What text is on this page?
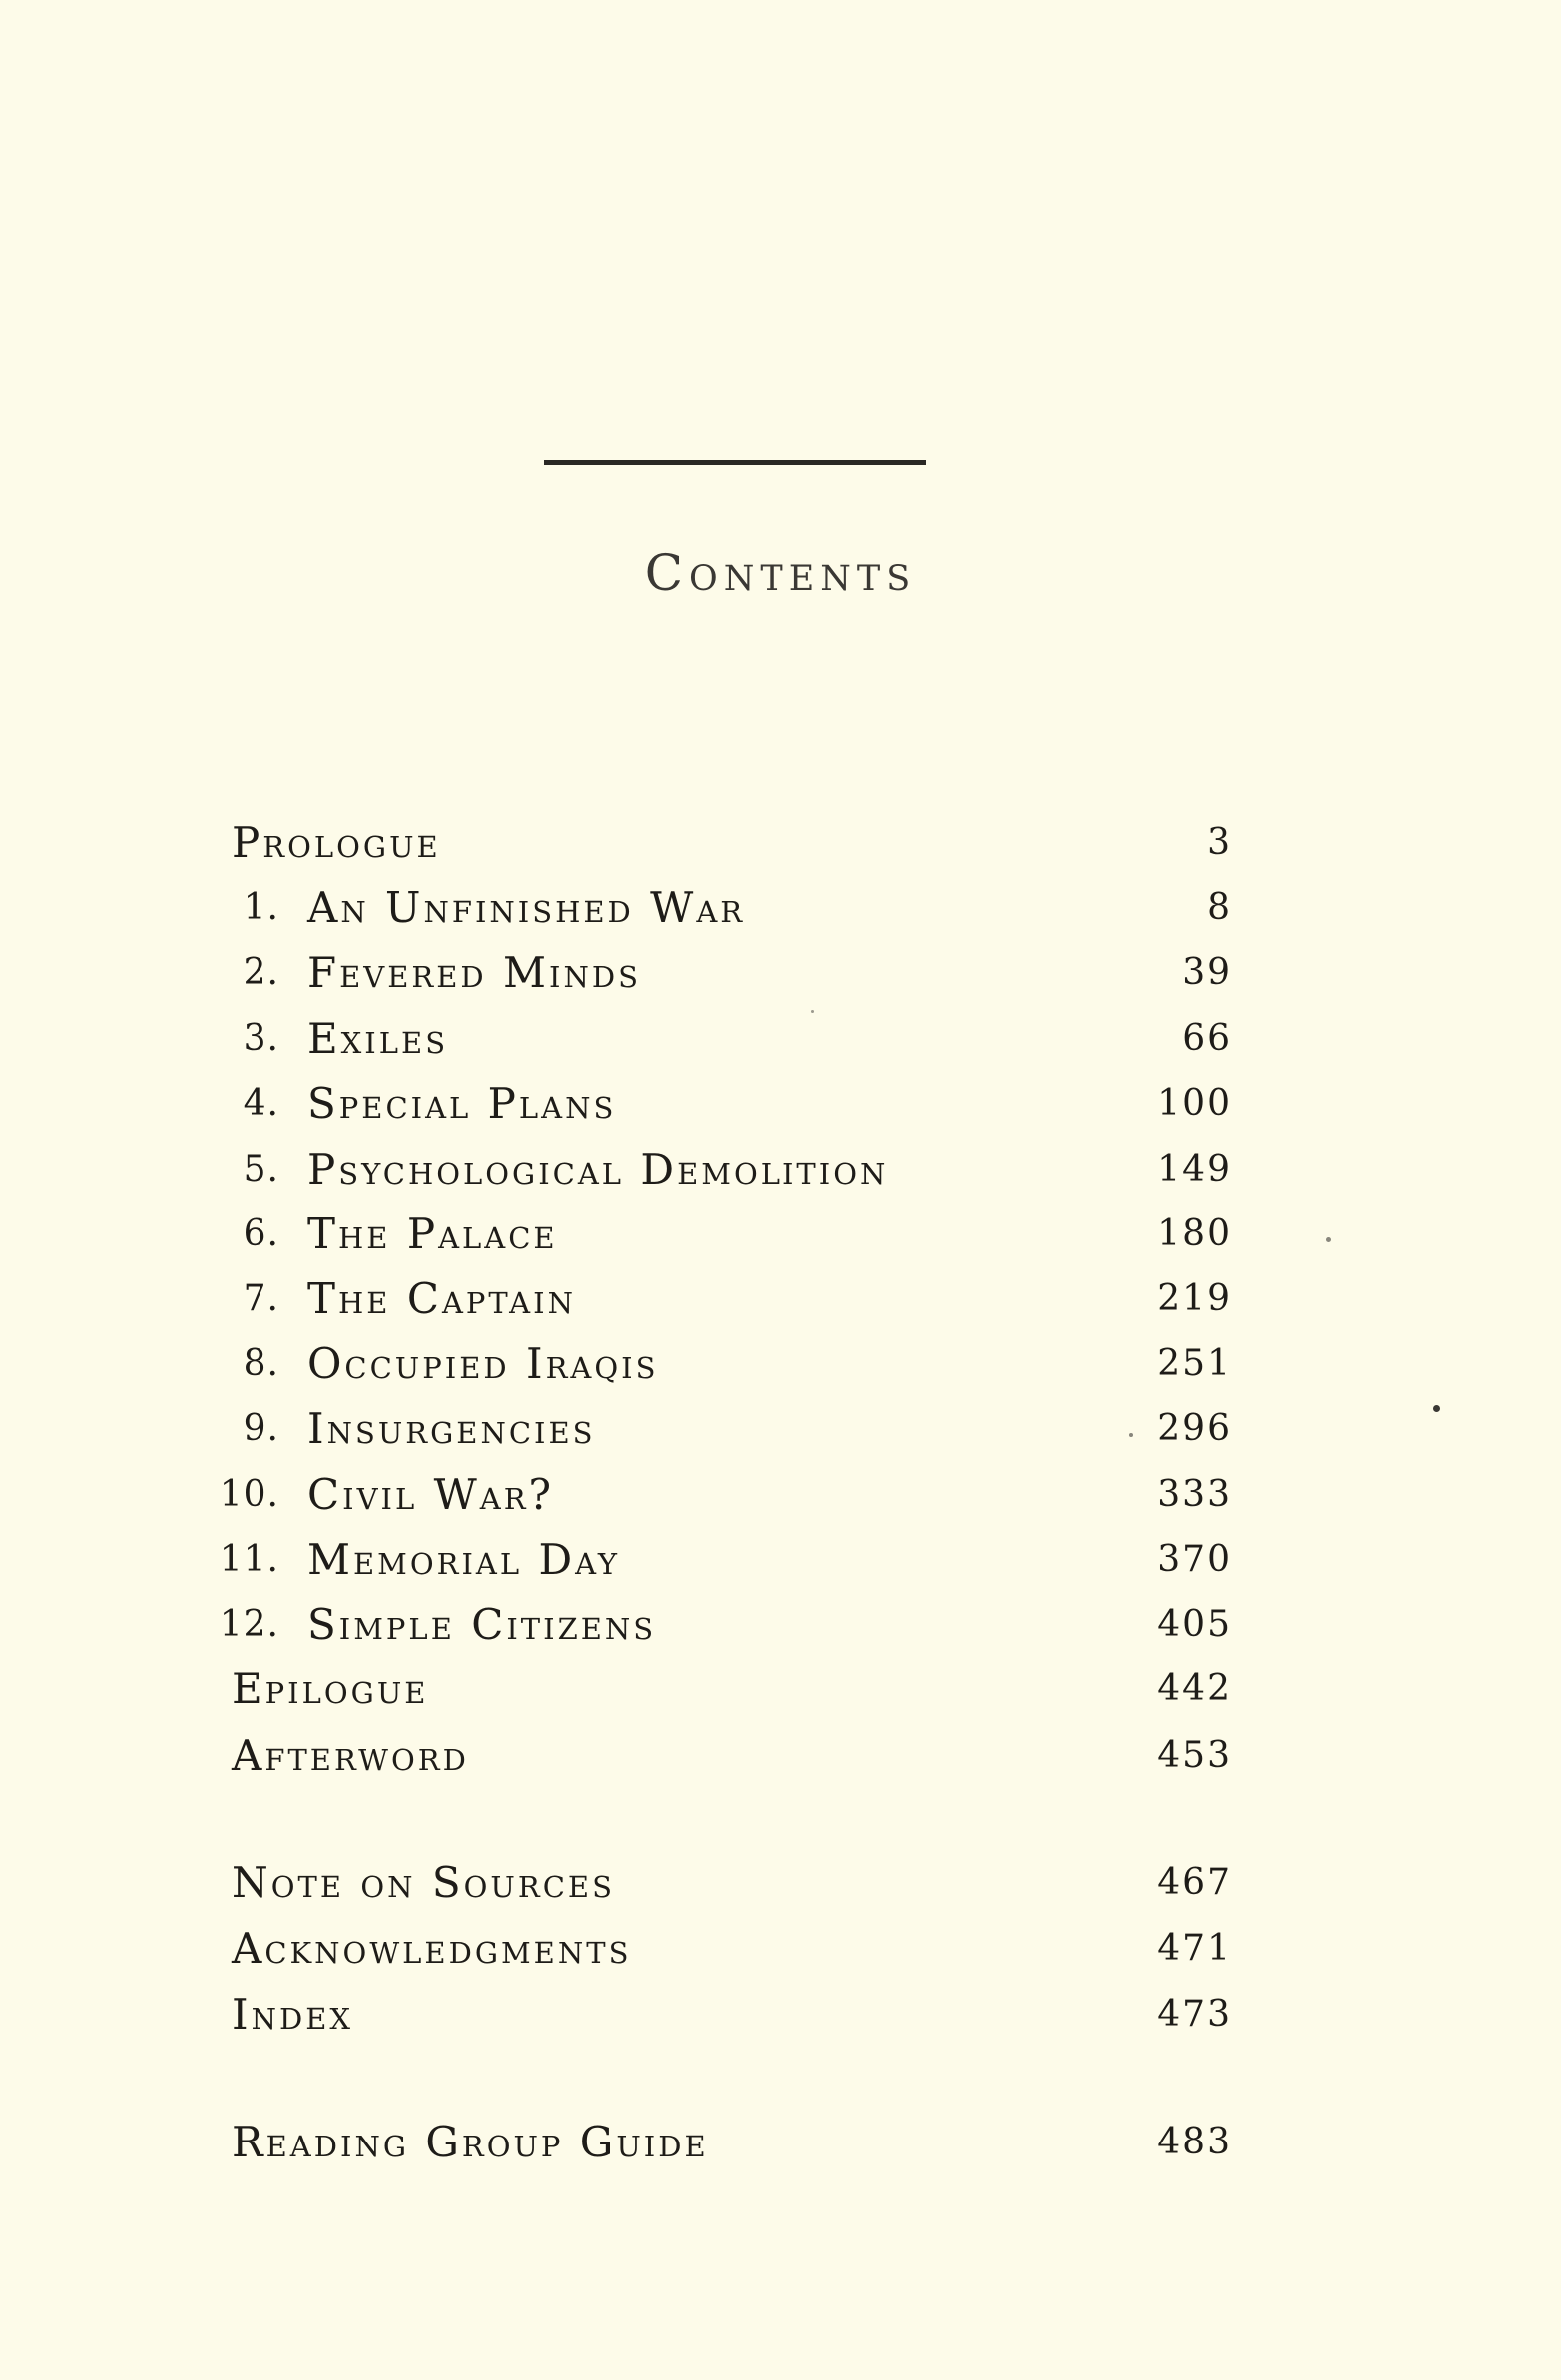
Contents
Prologue	3
1. An Unfinished War	8
2. Fevered Minds	39
3. Exiles	66
4. Special Plans	100
5. Psychological Demolition	149
6. The Palace	180
7. The Captain	219
8. Occupied Iraqis	251
9. Insurgencies	296
10. Civil War?	333
11. Memorial Day	370
12. Simple Citizens	405
Epilogue	442
Afterword	453
Note on Sources	467
Acknowledgments	471
Index	473
Reading Group Guide	483
